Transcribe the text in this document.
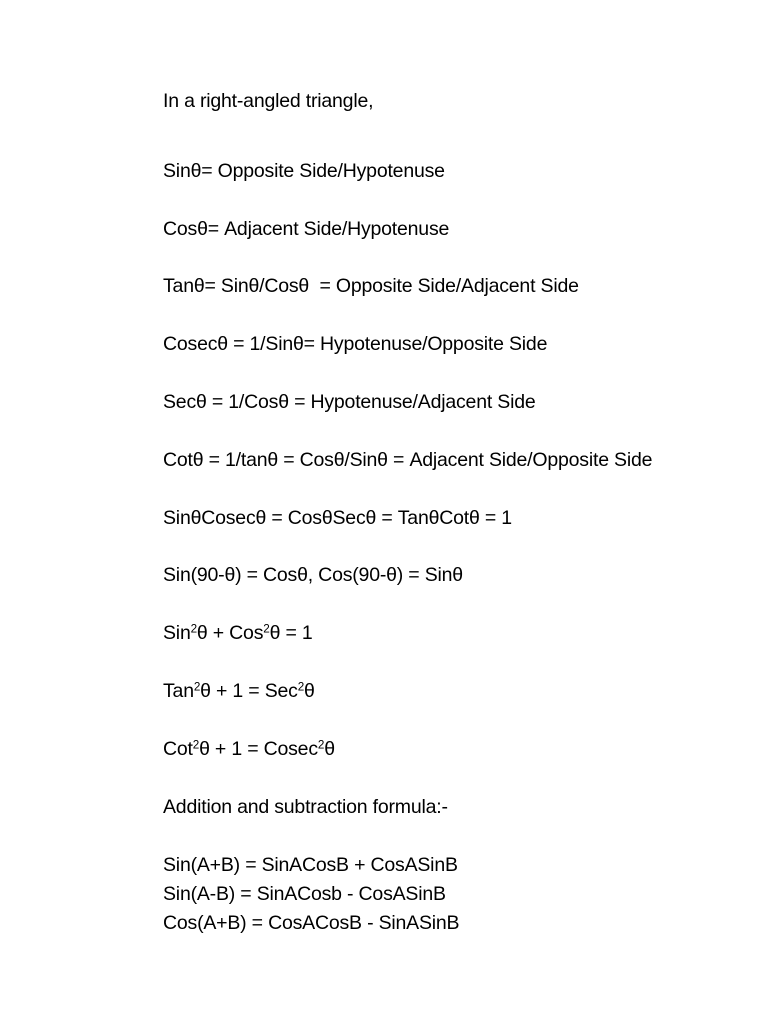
In a right-angled triangle,
Sinθ= Opposite Side/Hypotenuse
Cosθ= Adjacent Side/Hypotenuse
Tanθ= Sinθ/Cosθ  = Opposite Side/Adjacent Side
Cosecθ = 1/Sinθ= Hypotenuse/Opposite Side
Secθ = 1/Cosθ = Hypotenuse/Adjacent Side
Cotθ = 1/tanθ = Cosθ/Sinθ = Adjacent Side/Opposite Side
SinθCosecθ = CosθSecθ = TanθCotθ = 1
Sin(90-θ) = Cosθ, Cos(90-θ) = Sinθ
Sin$^2$θ + Cos$^2$θ = 1
Tan$^2$θ + 1 = Sec$^2$θ
Cot$^2$θ + 1 = Cosec$^2$θ
Addition and subtraction formula:-
Sin(A+B) = SinACosB + CosASinB
Sin(A-B) = SinACosb - CosASinB
Cos(A+B) = CosACosB - SinASinB
